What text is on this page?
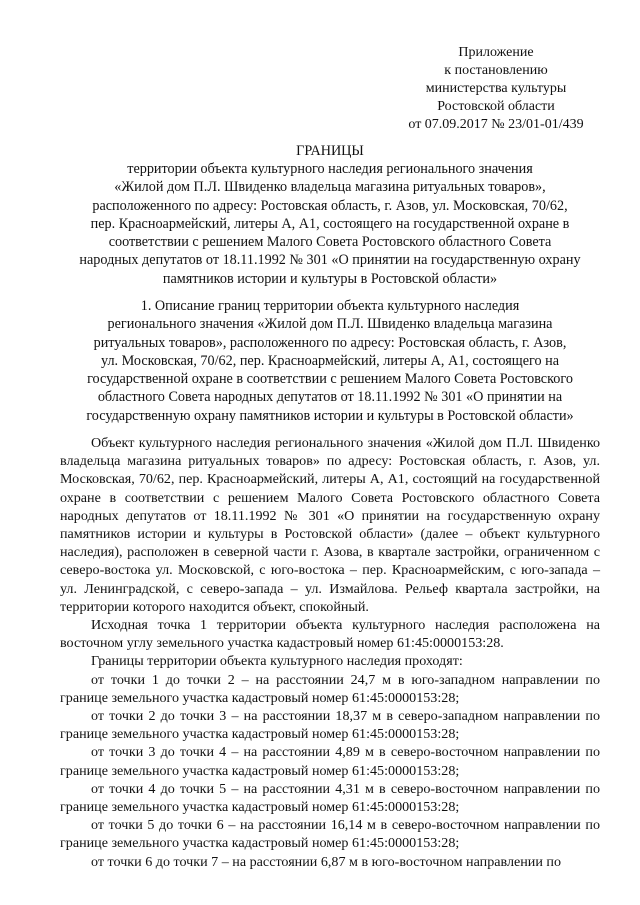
Приложение
к постановлению
министерства культуры
Ростовской области
от 07.09.2017 № 23/01-01/439
ГРАНИЦЫ
территории объекта культурного наследия регионального значения
«Жилой дом П.Л. Швиденко владельца магазина ритуальных товаров»,
расположенного по адресу: Ростовская область, г. Азов, ул. Московская, 70/62,
пер. Красноармейский, литеры А, А1, состоящего на государственной охране в
соответствии с решением Малого Совета Ростовского областного Совета
народных депутатов от 18.11.1992 № 301 «О принятии на государственную охрану
памятников истории и культуры в Ростовской области»
1. Описание границ территории объекта культурного наследия
регионального значения «Жилой дом П.Л. Швиденко владельца магазина
ритуальных товаров», расположенного по адресу: Ростовская область, г. Азов,
ул. Московская, 70/62, пер. Красноармейский, литеры А, А1, состоящего на
государственной охране в соответствии с решением Малого Совета Ростовского
областного Совета народных депутатов от 18.11.1992 № 301 «О принятии на
государственную охрану памятников истории и культуры в Ростовской области»

Объект культурного наследия регионального значения «Жилой дом П.Л. Швиденко владельца магазина ритуальных товаров» по адресу: Ростовская область, г. Азов, ул. Московская, 70/62, пер. Красноармейский, литеры А, А1, состоящий на государственной охране в соответствии с решением Малого Совета Ростовского областного Совета народных депутатов от 18.11.1992 № 301 «О принятии на государственную охрану памятников истории и культуры в Ростовской области» (далее – объект культурного наследия), расположен в северной части г. Азова, в квартале застройки, ограниченном с северо-востока ул. Московской, с юго-востока – пер. Красноармейским, с юго-запада – ул. Ленинградской, с северо-запада – ул. Измайлова. Рельеф квартала застройки, на территории которого находится объект, спокойный.

Исходная точка 1 территории объекта культурного наследия расположена на восточном углу земельного участка кадастровый номер 61:45:0000153:28.

Границы территории объекта культурного наследия проходят:

от точки 1 до точки 2 – на расстоянии 24,7 м в юго-западном направлении по границе земельного участка кадастровый номер 61:45:0000153:28;

от точки 2 до точки 3 – на расстоянии 18,37 м в северо-западном направлении по границе земельного участка кадастровый номер 61:45:0000153:28;

от точки 3 до точки 4 – на расстоянии 4,89 м в северо-восточном направлении по границе земельного участка кадастровый номер 61:45:0000153:28;

от точки 4 до точки 5 – на расстоянии 4,31 м в северо-восточном направлении по границе земельного участка кадастровый номер 61:45:0000153:28;

от точки 5 до точки 6 – на расстоянии 16,14 м в северо-восточном направлении по границе земельного участка кадастровый номер 61:45:0000153:28;

от точки 6 до точки 7 – на расстоянии 6,87 м в юго-восточном направлении по
